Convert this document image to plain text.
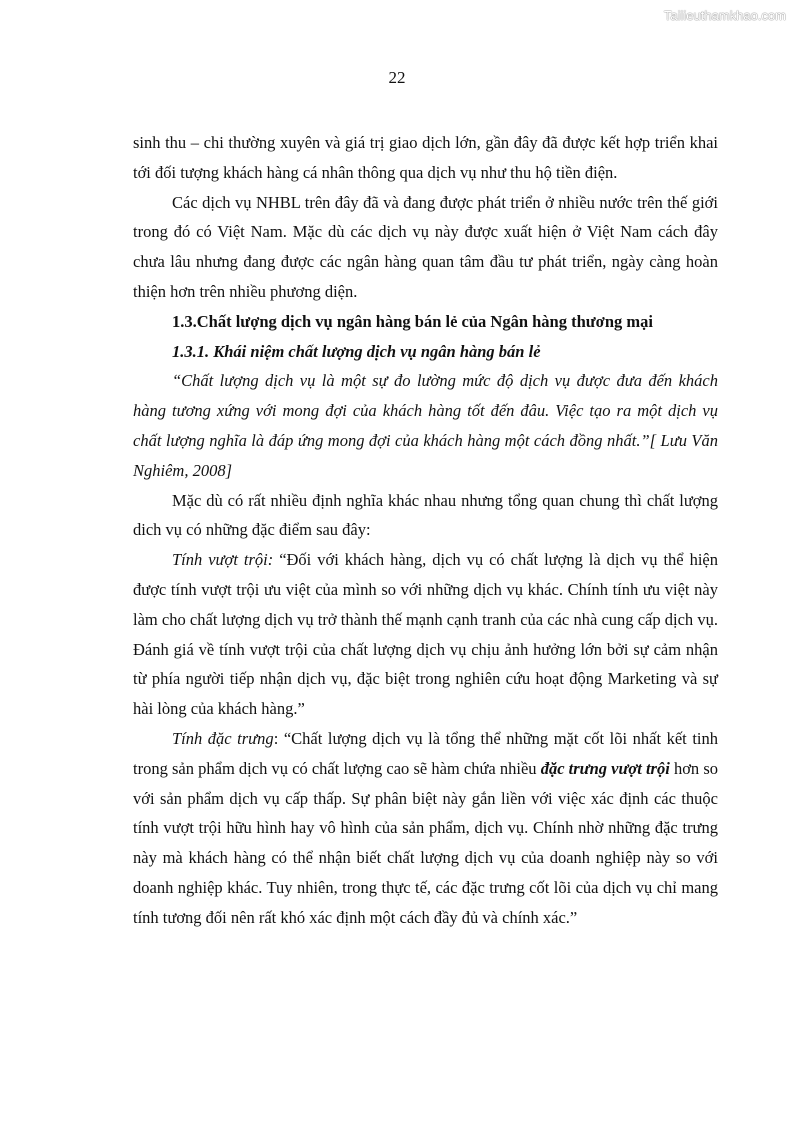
Tailieuthamkhao.com
22

sinh thu – chi thường xuyên và giá trị giao dịch lớn, gần đây đã được kết hợp triển khai tới đối tượng khách hàng cá nhân thông qua dịch vụ như thu hộ tiền điện.

Các dịch vụ NHBL trên đây đã và đang được phát triển ở nhiều nước trên thế giới trong đó có Việt Nam. Mặc dù các dịch vụ này được xuất hiện ở Việt Nam cách đây chưa lâu nhưng đang được các ngân hàng quan tâm đầu tư phát triển, ngày càng hoàn thiện hơn trên nhiều phương diện.

1.3.Chất lượng dịch vụ ngân hàng bán lẻ của Ngân hàng thương mại

1.3.1. Khái niệm chất lượng dịch vụ ngân hàng bán lẻ

“Chất lượng dịch vụ là một sự đo lường mức độ dịch vụ được đưa đến khách hàng tương xứng với mong đợi của khách hàng tốt đến đâu. Việc tạo ra một dịch vụ chất lượng nghĩa là đáp ứng mong đợi của khách hàng một cách đồng nhất.”[ Lưu Văn Nghiêm, 2008]

Mặc dù có rất nhiều định nghĩa khác nhau nhưng tổng quan chung thì chất lượng dich vụ có những đặc điểm sau đây:

Tính vượt trội: “Đối với khách hàng, dịch vụ có chất lượng là dịch vụ thể hiện được tính vượt trội ưu việt của mình so với những dịch vụ khác. Chính tính ưu việt này làm cho chất lượng dịch vụ trở thành thế mạnh cạnh tranh của các nhà cung cấp dịch vụ. Đánh giá về tính vượt trội của chất lượng dịch vụ chịu ảnh hưởng lớn bởi sự cảm nhận từ phía người tiếp nhận dịch vụ, đặc biệt trong nghiên cứu hoạt động Marketing và sự hài lòng của khách hàng.”

Tính đặc trưng: “Chất lượng dịch vụ là tổng thể những mặt cốt lõi nhất kết tinh trong sản phẩm dịch vụ có chất lượng cao sẽ hàm chứa nhiều đặc trưng vượt trội hơn so với sản phẩm dịch vụ cấp thấp. Sự phân biệt này gắn liền với việc xác định các thuộc tính vượt trội hữu hình hay vô hình của sản phẩm, dịch vụ. Chính nhờ những đặc trưng này mà khách hàng có thể nhận biết chất lượng dịch vụ của doanh nghiệp này so với doanh nghiệp khác. Tuy nhiên, trong thực tế, các đặc trưng cốt lõi của dịch vụ chỉ mang tính tương đối nên rất khó xác định một cách đầy đủ và chính xác.”
